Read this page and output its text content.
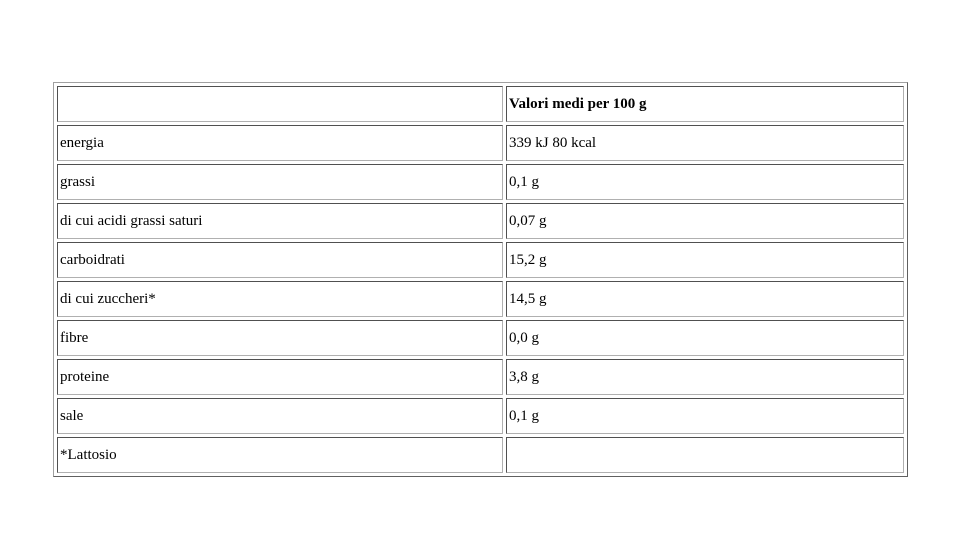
	Valori medi per 100 g
energia	339 kJ 80 kcal
grassi	0,1 g
di cui acidi grassi saturi	0,07 g
carboidrati	15,2 g
di cui zuccheri*	14,5 g
fibre	0,0 g
proteine	3,8 g
sale	0,1 g
*Lattosio	
